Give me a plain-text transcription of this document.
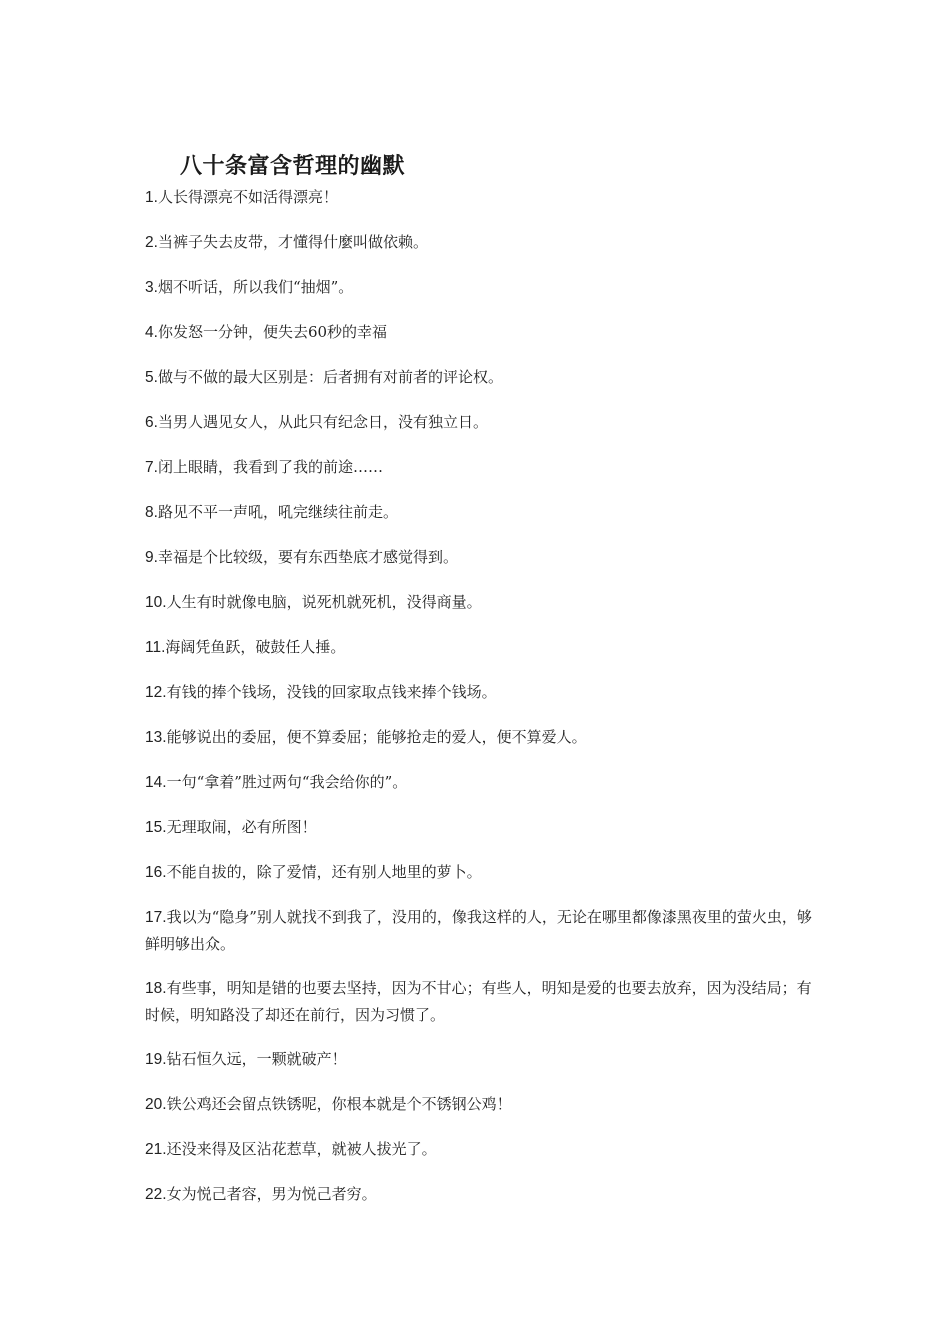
八十条富含哲理的幽默
1.人长得漂亮不如活得漂亮！
2.当裤子失去皮带，才懂得什麼叫做依赖。
3.烟不听话，所以我们“抽烟”。
4.你发怒一分钟，便失去60秒的幸福
5.做与不做的最大区别是：后者拥有对前者的评论权。
6.当男人遇见女人，从此只有纪念日，没有独立日。
7.闭上眼睛，我看到了我的前途……
8.路见不平一声吼，吼完继续往前走。
9.幸福是个比较级，要有东西垫底才感觉得到。
10.人生有时就像电脑，说死机就死机，没得商量。
11.海阔凭鱼跃，破鼓任人捶。
12.有钱的捧个钱场，没钱的回家取点钱来捧个钱场。
13.能够说出的委屈，便不算委屈；能够抢走的爱人，便不算爱人。
14.一句“拿着”胜过两句“我会给你的”。
15.无理取闹，必有所图！
16.不能自拔的，除了爱情，还有别人地里的萝卜。
17.我以为“隐身”别人就找不到我了，没用的，像我这样的人，无论在哪里都像漆黑夜里的萤火虫，够鲜明够出众。
18.有些事，明知是错的也要去坚持，因为不甘心；有些人，明知是爱的也要去放弃，因为没结局；有时候，明知路没了却还在前行，因为习惯了。
19.钻石恒久远，一颗就破产！
20.铁公鸡还会留点铁锈呢，你根本就是个不锈钢公鸡！
21.还没来得及区沾花惹草，就被人拔光了。
22.女为悦己者容，男为悦己者穷。
